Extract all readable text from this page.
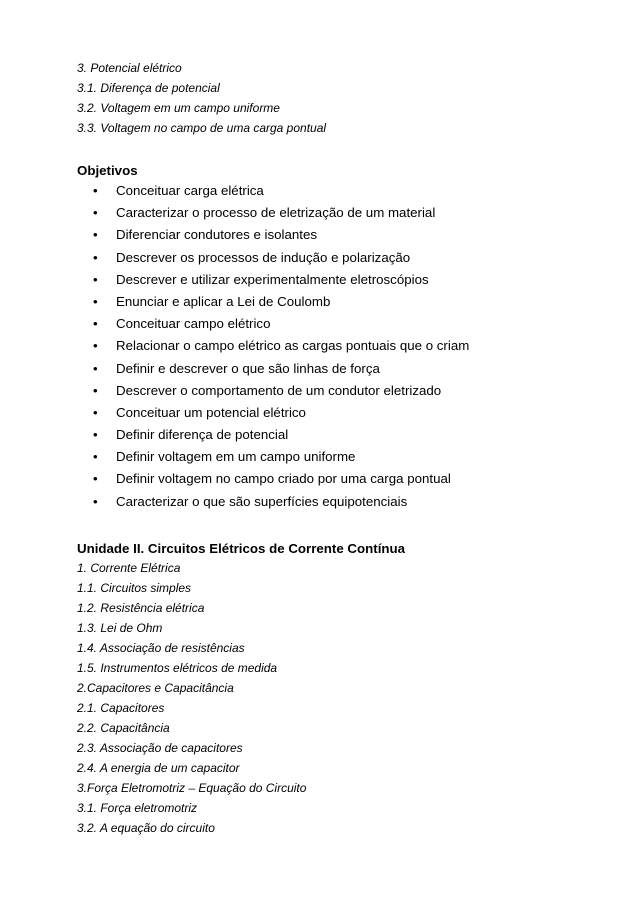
3. Potencial elétrico
3.1. Diferença de potencial
3.2. Voltagem em um campo uniforme
3.3. Voltagem no campo de uma carga pontual
Objetivos
• Conceituar carga elétrica
• Caracterizar o processo de eletrização de um material
• Diferenciar condutores e isolantes
• Descrever os processos de indução e polarização
• Descrever e utilizar experimentalmente eletroscópios
• Enunciar e aplicar a Lei de Coulomb
• Conceituar campo elétrico
• Relacionar o campo elétrico as cargas pontuais que o criam
• Definir e descrever o que são linhas de força
• Descrever o comportamento de um condutor eletrizado
• Conceituar um potencial elétrico
• Definir diferença de potencial
• Definir voltagem em um campo uniforme
• Definir voltagem no campo criado por uma carga pontual
• Caracterizar o que são superfícies equipotenciais
Unidade II. Circuitos Elétricos de Corrente Contínua
1. Corrente Elétrica
1.1. Circuitos simples
1.2. Resistência elétrica
1.3. Lei de Ohm
1.4. Associação de resistências
1.5. Instrumentos elétricos de medida
2.Capacitores e Capacitância
2.1. Capacitores
2.2. Capacitância
2.3. Associação de capacitores
2.4. A energia de um capacitor
3.Força Eletromotriz – Equação do Circuito
3.1. Força eletromotriz
3.2. A equação do circuito
